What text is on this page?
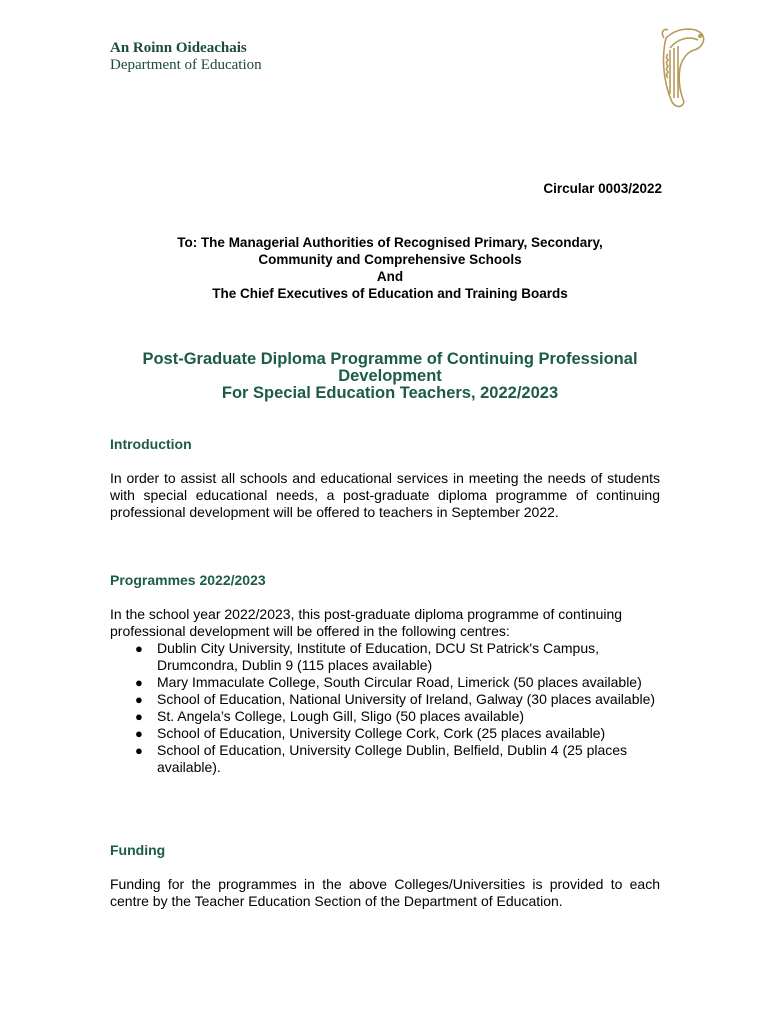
An Roinn Oideachais
Department of Education
Circular 0003/2022
To: The Managerial Authorities of Recognised Primary, Secondary,
Community and Comprehensive Schools
And
The Chief Executives of Education and Training Boards
Post-Graduate Diploma Programme of Continuing Professional
Development
For Special Education Teachers, 2022/2023
Introduction
In order to assist all schools and educational services in meeting the needs of students with special educational needs, a post-graduate diploma programme of continuing professional development will be offered to teachers in September 2022.
Programmes 2022/2023
In the school year 2022/2023, this post-graduate diploma programme of continuing professional development will be offered in the following centres:
● Dublin City University, Institute of Education, DCU St Patrick's Campus, Drumcondra, Dublin 9 (115 places available)
● Mary Immaculate College, South Circular Road, Limerick (50 places available)
● School of Education, National University of Ireland, Galway (30 places available)
● St. Angela’s College, Lough Gill, Sligo (50 places available)
● School of Education, University College Cork, Cork (25 places available)
● School of Education, University College Dublin, Belfield, Dublin 4 (25 places available).
Funding
Funding for the programmes in the above Colleges/Universities is provided to each centre by the Teacher Education Section of the Department of Education.
